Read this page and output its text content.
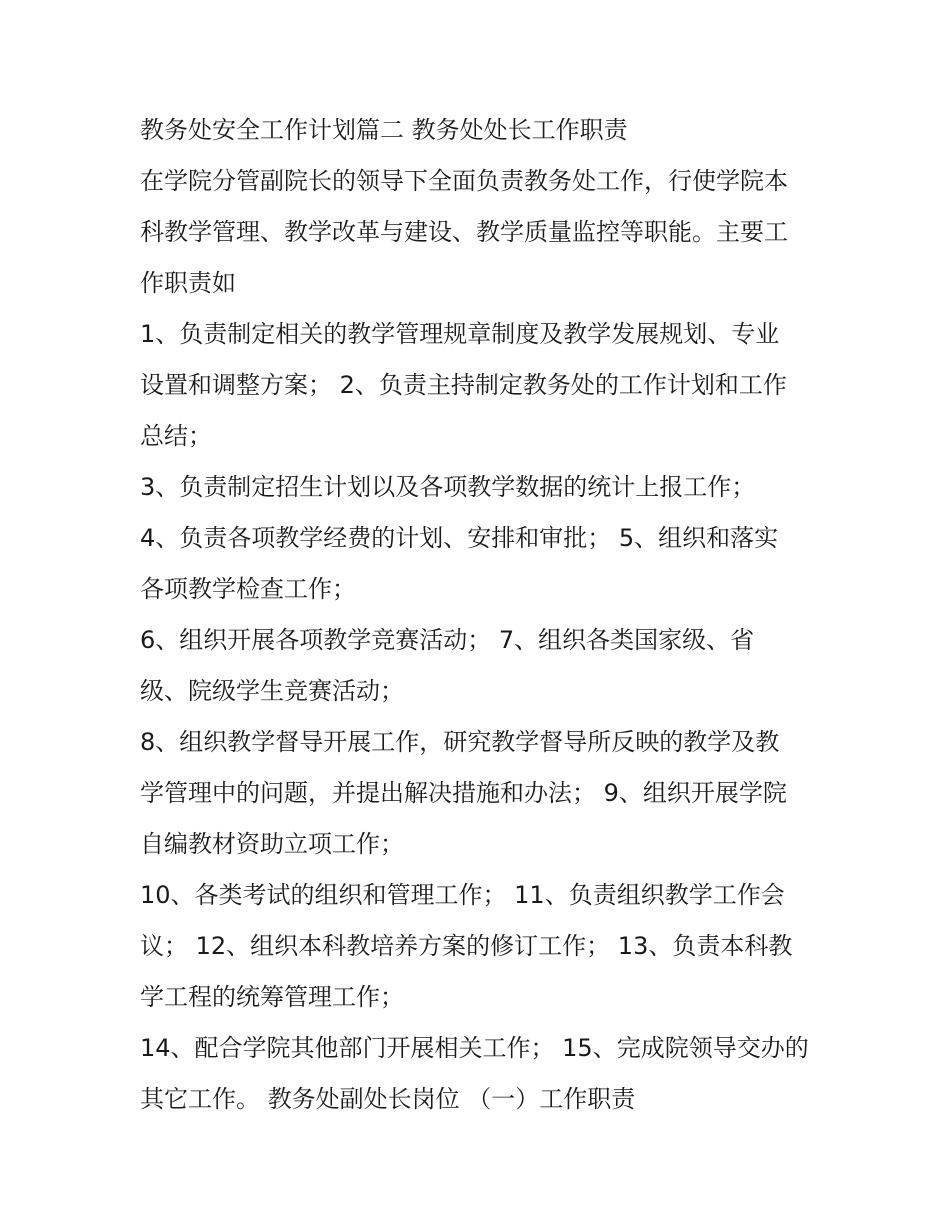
教务处安全工作计划篇二 教务处处长工作职责
在学院分管副院长的领导下全面负责教务处工作，行使学院本
科教学管理、教学改革与建设、教学质量监控等职能。主要工
作职责如
1、负责制定相关的教学管理规章制度及教学发展规划、专业
设置和调整方案； 2、负责主持制定教务处的工作计划和工作
总结；
3、负责制定招生计划以及各项教学数据的统计上报工作；
4、负责各项教学经费的计划、安排和审批； 5、组织和落实
各项教学检查工作；
6、组织开展各项教学竞赛活动； 7、组织各类国家级、省
级、院级学生竞赛活动；
8、组织教学督导开展工作，研究教学督导所反映的教学及教
学管理中的问题，并提出解决措施和办法； 9、组织开展学院
自编教材资助立项工作；
10、各类考试的组织和管理工作； 11、负责组织教学工作会
议； 12、组织本科教培养方案的修订工作； 13、负责本科教
学工程的统筹管理工作；
14、配合学院其他部门开展相关工作； 15、完成院领导交办的
其它工作。 教务处副处长岗位 （一）工作职责
